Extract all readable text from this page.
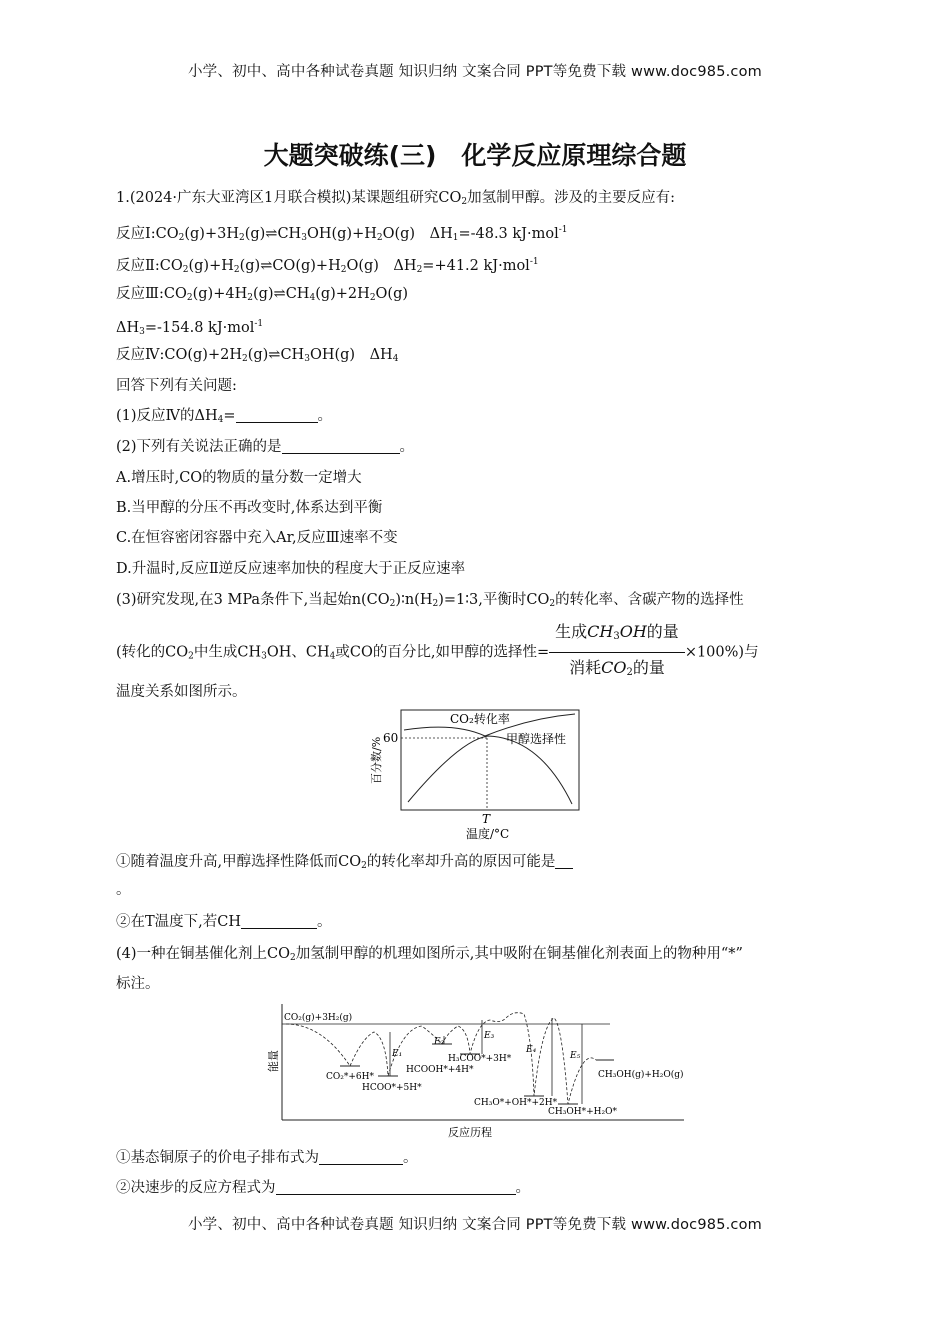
小学、初中、高中各种试卷真题 知识归纳 文案合同 PPT等免费下载 www.doc985.com
大题突破练(三)　化学反应原理综合题
1.(2024·广东大亚湾区1月联合模拟)某课题组研究$CO_2$加氢制甲醇。涉及的主要反应有:
反应$Ⅰ:CO_2(g)+3H_2(g)\rightleftharpoons CH_3OH(g)+H_2O(g)$　$\Delta H_1=-48.3$ kJ·mol$^{-1}$
反应$Ⅱ:CO_2(g)+H_2(g)\rightleftharpoons CO(g)+H_2O(g)$　$\Delta H_2=+41.2$ kJ·mol$^{-1}$
反应$Ⅲ:CO_2(g)+4H_2(g)\rightleftharpoons CH_4(g)+2H_2O(g)$
$\Delta H_3=-154.8$ kJ·mol$^{-1}$
反应$Ⅳ:CO(g)+2H_2(g)\rightleftharpoons CH_3OH(g)$　$\Delta H_4$
回答下列有关问题:
(1)反应Ⅳ的$\Delta H_4=$	。
(2)下列有关说法正确的是	。
A.增压时,CO的物质的量分数一定增大
B.当甲醇的分压不再改变时,体系达到平衡
C.在恒容密闭容器中充入Ar,反应Ⅲ速率不变
D.升温时,反应Ⅱ逆反应速率加快的程度大于正反应速率
(3)研究发现,在3 MPa条件下,当起始$n(CO_2)∶n(H_2)=1∶3$,平衡时$CO_2$的转化率、含碳产物的选择性
(转化的$CO_2$中生成$CH_3OH$、$CH_4$或CO的百分比,如甲醇的选择性= $\frac{生成CH_3OH的量}{消耗CO_2的量} \times 100\%$)与
温度关系如图所示。
CO₂转化率
甲醇选择性
60
百分数/%
T
温度/°C
①随着温度升高,甲醇选择性降低而$CO_2$的转化率却升高的原因可能是
。
②在T温度下,若CH	。
(4)一种在铜基催化剂上$CO_2$加氢制甲醇的机理如图所示,其中吸附在铜基催化剂表面上的物种用“*”
标注。
能量
反应历程
CO₂(g)+3H₂(g)
CO₂*+6H*
HCOO*+5H*
HCOOH*+4H*
H₃COO*+3H*
CH₃O*+OH*+2H*
CH₃OH*+H₂O*
CH₃OH(g)+H₂O(g)
E₁
E₂
E₃
E₄
E₅
①基态铜原子的价电子排布式为	。
②决速步的反应方程式为	。
小学、初中、高中各种试卷真题 知识归纳 文案合同 PPT等免费下载 www.doc985.com
